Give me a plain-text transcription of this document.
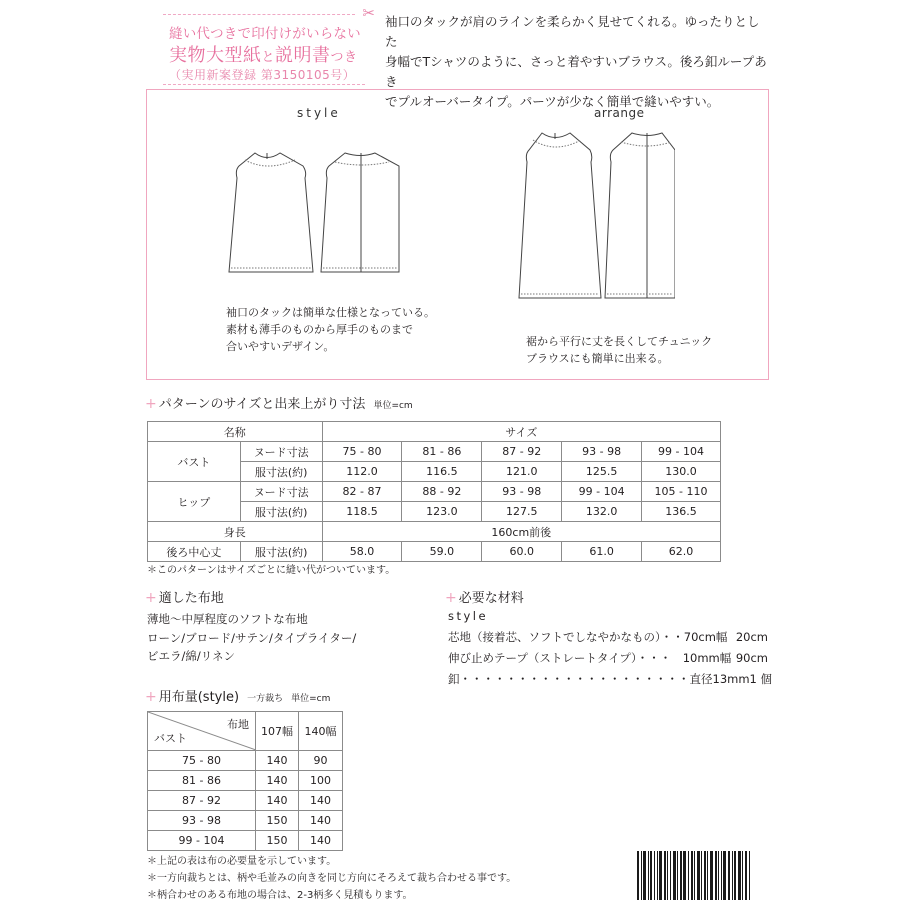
✂
縫い代つきで印付けがいらない
実物大型紙と説明書つき
（実用新案登録 第3150105号）
袖口のタックが肩のラインを柔らかく見せてくれる。ゆったりとした
身幅でTシャツのように、さっと着やすいブラウス。後ろ釦ループあき
でプルオーバータイプ。パーツが少なく簡単で縫いやすい。
style	arrange
袖口のタックは簡単な仕様となっている。
素材も薄手のものから厚手のものまで
合いやすいデザイン。	裾から平行に丈を長くしてチュニック
ブラウスにも簡単に出来る。
+ パターンのサイズと出来上がり寸法 単位=cm
名称		サイズ				
バスト	ヌード寸法	75 - 80	81 - 86	87 - 92	93 - 98	99 - 104
	服寸法(約)	112.0	116.5	121.0	125.5	130.0
ヒップ	ヌード寸法	82 - 87	88 - 92	93 - 98	99 - 104	105 - 110
	服寸法(約)	118.5	123.0	127.5	132.0	136.5
身長		160cm前後				
後ろ中心丈	服寸法(約)	58.0	59.0	60.0	61.0	62.0
＊このパターンはサイズごとに縫い代がついています。
+ 適した布地
薄地〜中厚程度のソフトな布地
ローン/ブロード/サテン/タイプライター/
ビエラ/綿/リネン
+ 用布量(style) 一方裁ち 単位=cm
布地
バスト	107幅	140幅
75 - 80	140	90
81 - 86	140	100
87 - 92	140	140
93 - 98	150	140
99 - 104	150	140
＊上記の表は布の必要量を示しています。
＊一方向裁ちとは、柄や毛並みの向きを同じ方向にそろえて裁ち合わせる事です。
＊柄合わせのある布地の場合は、2-3柄多く見積もります。
+ 必要な材料
style
芯地（接着芯、ソフトでしなやかなもの）・・70cm幅 20cm
伸び止めテープ（ストレートタイプ）・・・　10mm幅 90cm
釦・・・・・・・・・・・・・・・・・・・・直径13mm 1 個
